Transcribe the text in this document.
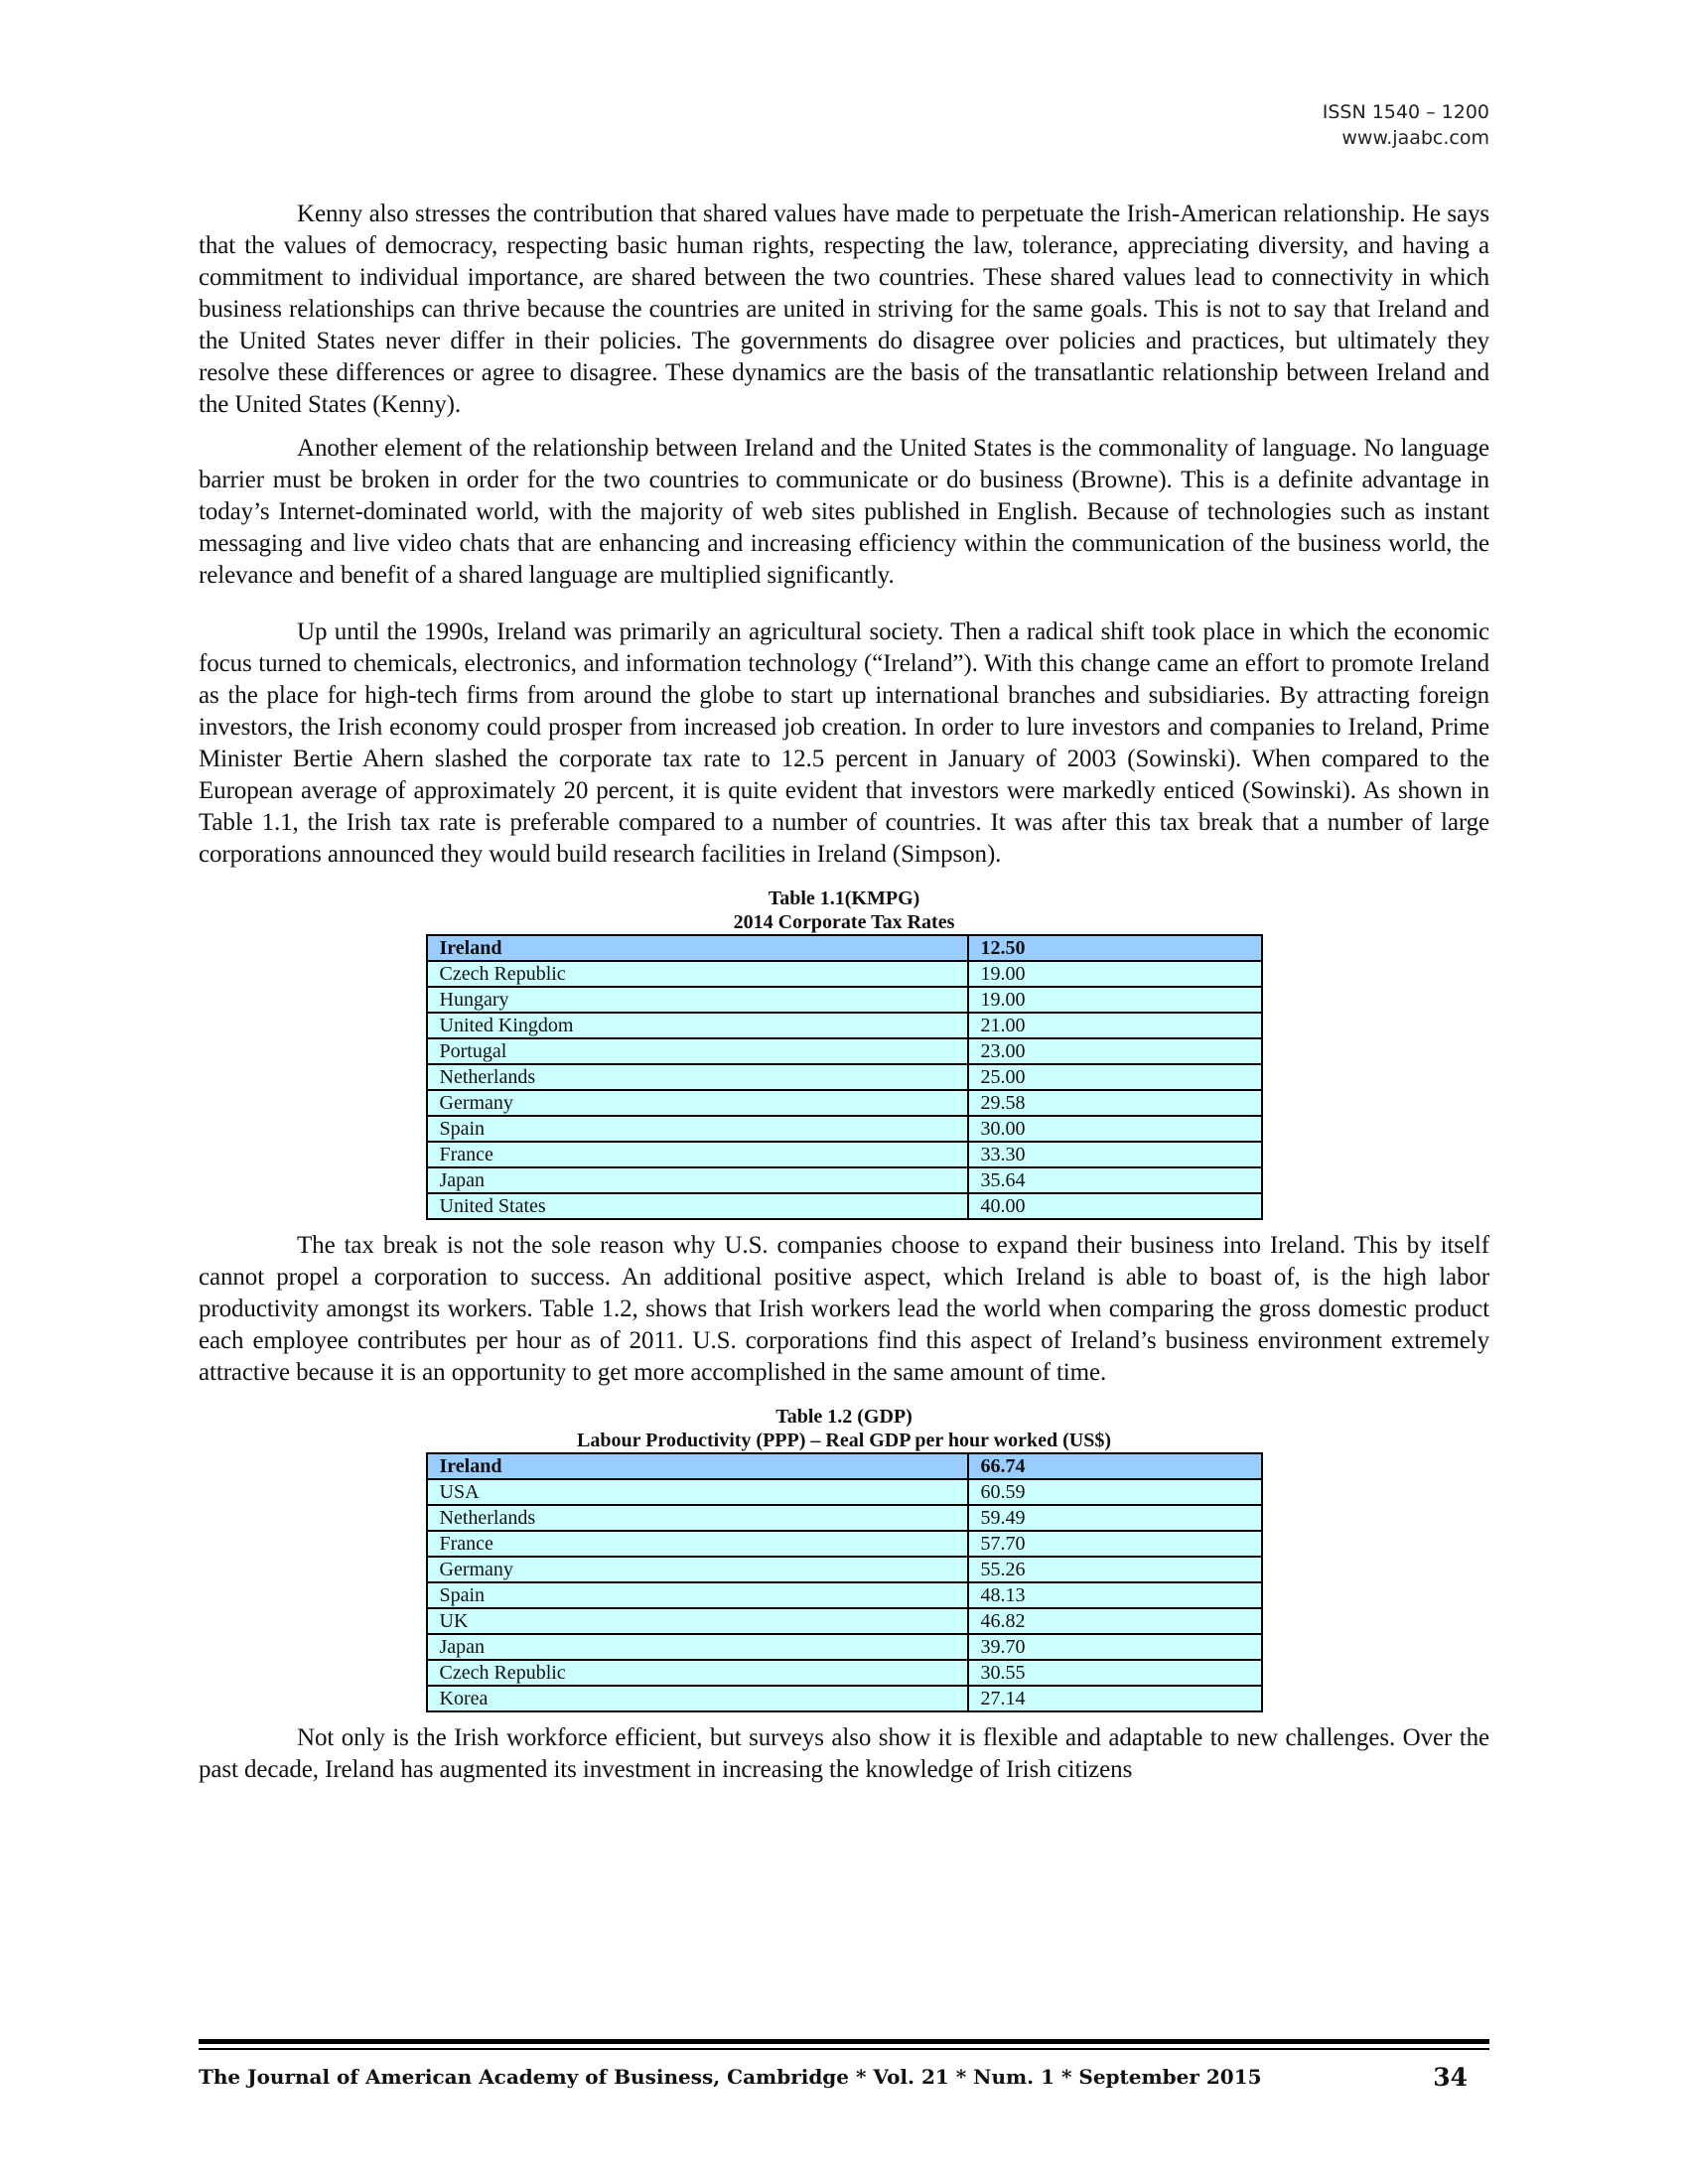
ISSN 1540 – 1200
www.jaabc.com

Kenny also stresses the contribution that shared values have made to perpetuate the Irish-American relationship. He says that the values of democracy, respecting basic human rights, respecting the law, tolerance, appreciating diversity, and having a commitment to individual importance, are shared between the two countries. These shared values lead to connectivity in which business relationships can thrive because the countries are united in striving for the same goals. This is not to say that Ireland and the United States never differ in their policies. The governments do disagree over policies and practices, but ultimately they resolve these differences or agree to disagree. These dynamics are the basis of the transatlantic relationship between Ireland and the United States (Kenny).

Another element of the relationship between Ireland and the United States is the commonality of language. No language barrier must be broken in order for the two countries to communicate or do business (Browne). This is a definite advantage in today’s Internet-dominated world, with the majority of web sites published in English. Because of technologies such as instant messaging and live video chats that are enhancing and increasing efficiency within the communication of the business world, the relevance and benefit of a shared language are multiplied significantly.

Up until the 1990s, Ireland was primarily an agricultural society. Then a radical shift took place in which the economic focus turned to chemicals, electronics, and information technology (“Ireland”). With this change came an effort to promote Ireland as the place for high-tech firms from around the globe to start up international branches and subsidiaries. By attracting foreign investors, the Irish economy could prosper from increased job creation. In order to lure investors and companies to Ireland, Prime Minister Bertie Ahern slashed the corporate tax rate to 12.5 percent in January of 2003 (Sowinski). When compared to the European average of approximately 20 percent, it is quite evident that investors were markedly enticed (Sowinski). As shown in Table 1.1, the Irish tax rate is preferable compared to a number of countries. It was after this tax break that a number of large corporations announced they would build research facilities in Ireland (Simpson).

Table 1.1(KMPG)
2014 Corporate Tax Rates
Ireland	12.50
Czech Republic	19.00
Hungary	19.00
United Kingdom	21.00
Portugal	23.00
Netherlands	25.00
Germany	29.58
Spain	30.00
France	33.30
Japan	35.64
United States	40.00

The tax break is not the sole reason why U.S. companies choose to expand their business into Ireland. This by itself cannot propel a corporation to success. An additional positive aspect, which Ireland is able to boast of, is the high labor productivity amongst its workers. Table 1.2, shows that Irish workers lead the world when comparing the gross domestic product each employee contributes per hour as of 2011. U.S. corporations find this aspect of Ireland’s business environment extremely attractive because it is an opportunity to get more accomplished in the same amount of time.

Table 1.2 (GDP)
Labour Productivity (PPP) – Real GDP per hour worked (US$)
Ireland	66.74
USA	60.59
Netherlands	59.49
France	57.70
Germany	55.26
Spain	48.13
UK	46.82
Japan	39.70
Czech Republic	30.55
Korea	27.14

Not only is the Irish workforce efficient, but surveys also show it is flexible and adaptable to new challenges. Over the past decade, Ireland has augmented its investment in increasing the knowledge of Irish citizens

The Journal of American Academy of Business, Cambridge * Vol. 21 * Num. 1 * September 2015	34
